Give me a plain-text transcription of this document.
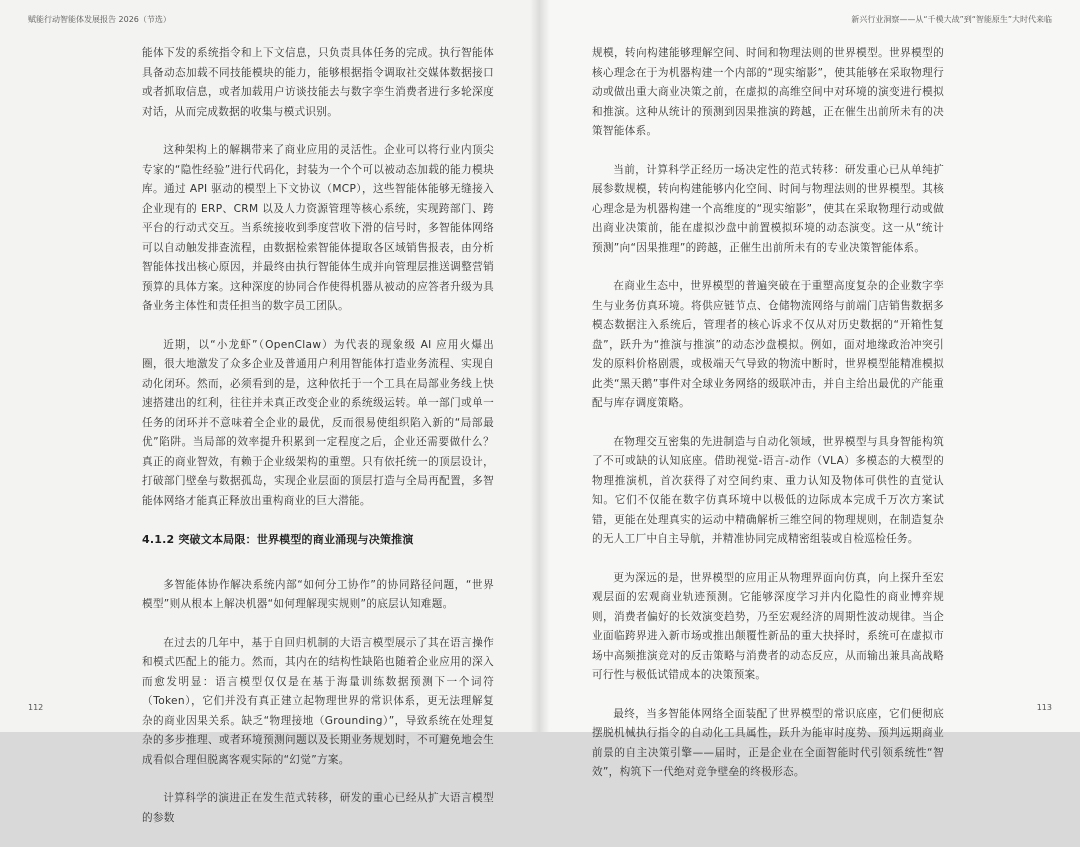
赋能行动智能体发展报告 2026（节选）

能体下发的系统指令和上下文信息，只负责具体任务的完成。执行智能体具备动态加载不同技能模块的能力，能够根据指令调取社交媒体数据接口或者抓取信息，或者加载用户访谈技能去与数字孪生消费者进行多轮深度对话，从而完成数据的收集与模式识别。

这种架构上的解耦带来了商业应用的灵活性。企业可以将行业内顶尖专家的“隐性经验”进行代码化，封装为一个个可以被动态加载的能力模块库。通过 API 驱动的模型上下文协议（MCP），这些智能体能够无缝接入企业现有的 ERP、CRM 以及人力资源管理等核心系统，实现跨部门、跨平台的行动式交互。当系统接收到季度营收下滑的信号时，多智能体网络可以自动触发排查流程，由数据检索智能体提取各区域销售报表，由分析智能体找出核心原因，并最终由执行智能体生成并向管理层推送调整营销预算的具体方案。这种深度的协同合作使得机器从被动的应答者升级为具备业务主体性和责任担当的数字员工团队。

近期，以“小龙虾”（OpenClaw）为代表的现象级 AI 应用火爆出圈，很大地激发了众多企业及普通用户利用智能体打造业务流程、实现自动化闭环。然而，必须看到的是，这种依托于一个工具在局部业务线上快速搭建出的红利，往往并未真正改变企业的系统级运转。单一部门或单一任务的闭环并不意味着全企业的最优，反而很易使组织陷入新的“局部最优”陷阱。当局部的效率提升积累到一定程度之后，企业还需要做什么？真正的商业智效，有赖于企业级架构的重塑。只有依托统一的顶层设计，打破部门壁垒与数据孤岛，实现企业层面的顶层打造与全局再配置，多智能体网络才能真正释放出重构商业的巨大潜能。

4.1.2 突破文本局限：世界模型的商业涌现与决策推演

多智能体协作解决系统内部“如何分工协作”的协同路径问题，“世界模型”则从根本上解决机器“如何理解现实规则”的底层认知难题。

在过去的几年中，基于自回归机制的大语言模型展示了其在语言操作和模式匹配上的能力。然而，其内在的结构性缺陷也随着企业应用的深入而愈发明显：语言模型仅仅是在基于海量训练数据预测下一个词符（Token），它们并没有真正建立起物理世界的常识体系，更无法理解复杂的商业因果关系。缺乏“物理接地（Grounding）”，导致系统在处理复杂的多步推理、或者环境预测问题以及长期业务规划时，不可避免地会生成看似合理但脱离客观实际的“幻觉”方案。

计算科学的演进正在发生范式转移，研发的重心已经从扩大语言模型的参数

112
新兴行业洞察——从“千模大战”到“智能原生”大时代来临

规模，转向构建能够理解空间、时间和物理法则的世界模型。世界模型的核心理念在于为机器构建一个内部的“现实缩影”，使其能够在采取物理行动或做出重大商业决策之前，在虚拟的高维空间中对环境的演变进行模拟和推演。这种从统计的预测到因果推演的跨越，正在催生出前所未有的决策智能体系。

当前，计算科学正经历一场决定性的范式转移：研发重心已从单纯扩展参数规模，转向构建能够内化空间、时间与物理法则的世界模型。其核心理念是为机器构建一个高维度的“现实缩影”，使其在采取物理行动或做出商业决策前，能在虚拟沙盘中前置模拟环境的动态演变。这一从“统计预测”向“因果推理”的跨越，正催生出前所未有的专业决策智能体系。

在商业生态中，世界模型的普遍突破在于重塑高度复杂的企业数字孪生与业务仿真环境。将供应链节点、仓储物流网络与前端门店销售数据多模态数据注入系统后，管理者的核心诉求不仅从对历史数据的“开箱性复盘”，跃升为“推演与推演”的动态沙盘模拟。例如，面对地缘政治冲突引发的原料价格剧震，或极端天气导致的物流中断时，世界模型能精准模拟此类“黑天鹅”事件对全球业务网络的级联冲击，并自主给出最优的产能重配与库存调度策略。

在物理交互密集的先进制造与自动化领域，世界模型与具身智能构筑了不可或缺的认知底座。借助视觉-语言-动作（VLA）多模态的大模型的物理推演机，首次获得了对空间约束、重力认知及物体可供性的直觉认知。它们不仅能在数字仿真环境中以极低的边际成本完成千万次方案试错，更能在处理真实的运动中精确解析三维空间的物理规则，在制造复杂的无人工厂中自主导航，并精准协同完成精密组装或自检巡检任务。

更为深远的是，世界模型的应用正从物理界面向仿真，向上探升至宏观层面的宏观商业轨迹预测。它能够深度学习并内化隐性的商业博弈规则，消费者偏好的长效演变趋势，乃至宏观经济的周期性波动规律。当企业面临跨界进入新市场或推出颠覆性新品的重大抉择时，系统可在虚拟市场中高频推演竞对的反击策略与消费者的动态反应，从而输出兼具高战略可行性与极低试错成本的决策预案。

最终，当多智能体网络全面装配了世界模型的常识底座，它们便彻底摆脱机械执行指令的自动化工具属性，跃升为能审时度势、预判远期商业前景的自主决策引擎——届时，正是企业在全面智能时代引领系统性“智效”，构筑下一代绝对竞争壁垒的终极形态。

113
